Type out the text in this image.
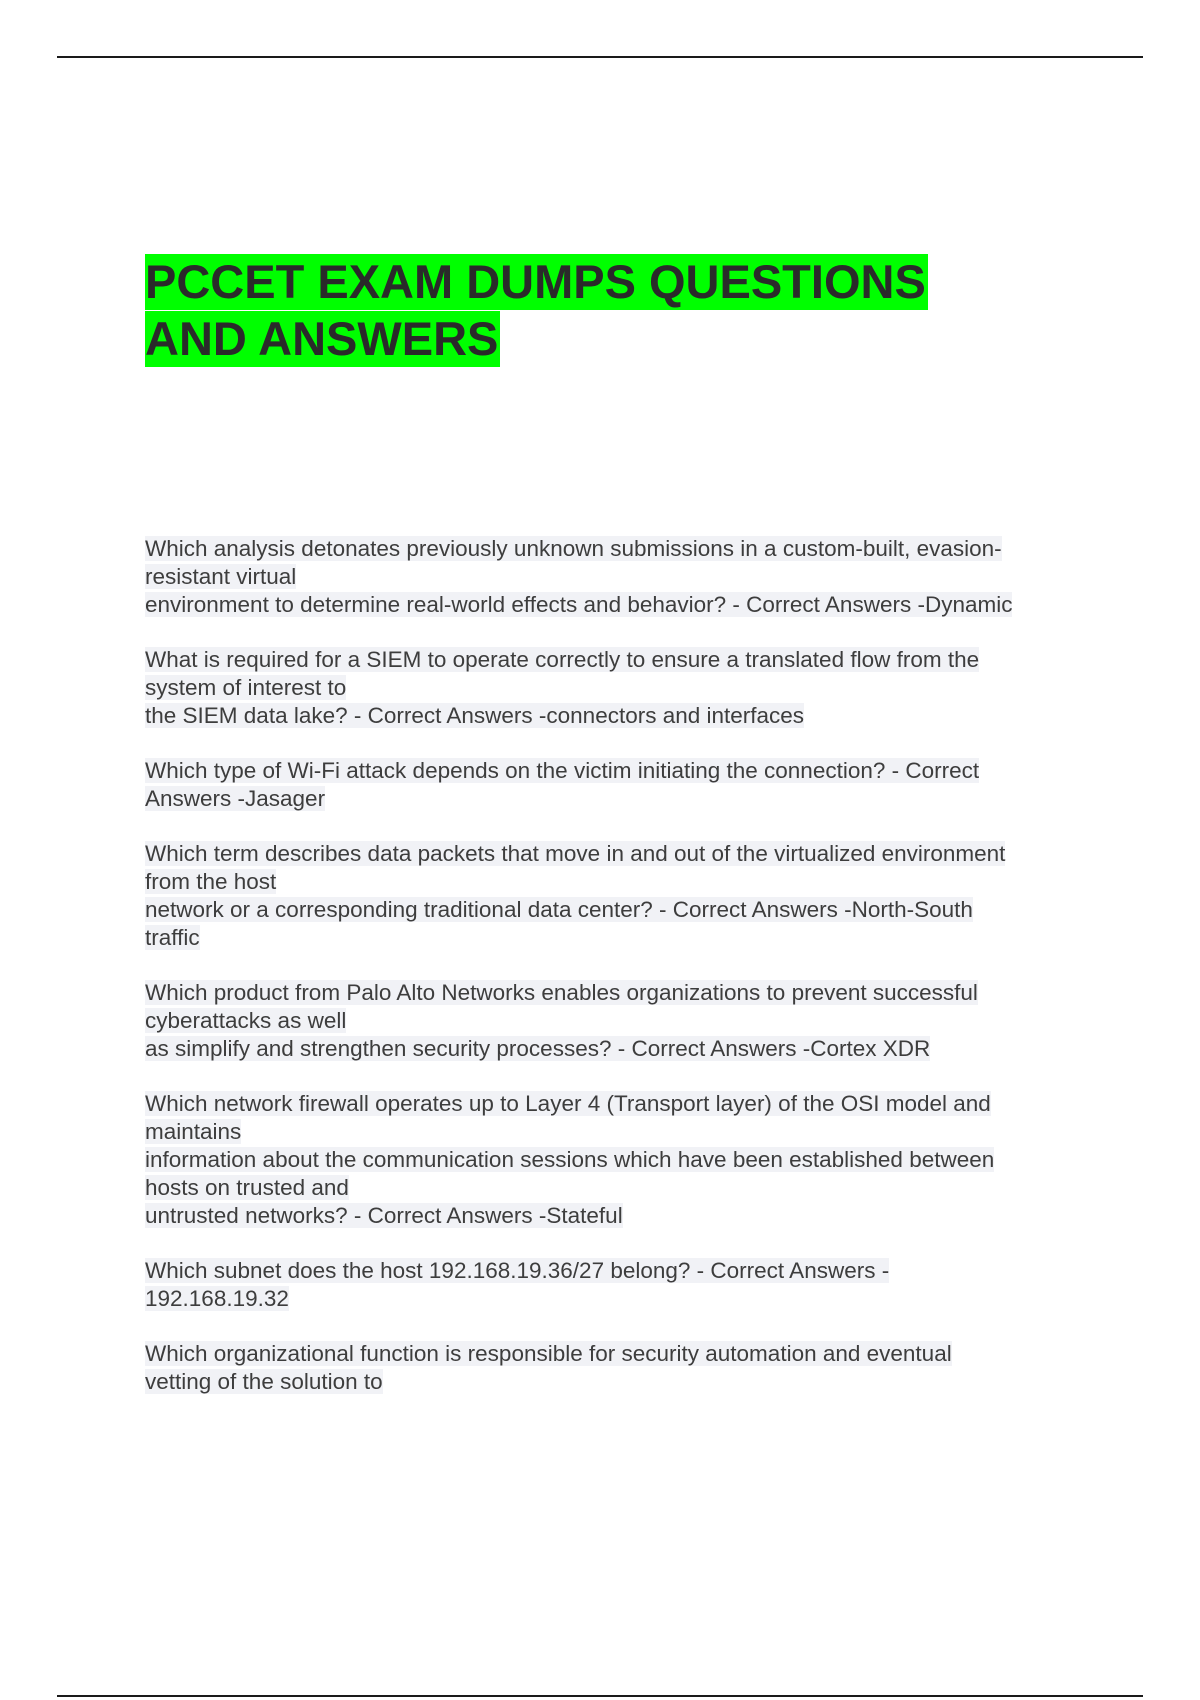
PCCET EXAM DUMPS QUESTIONS
AND ANSWERS

Which analysis detonates previously unknown submissions in a custom-built, evasion-
resistant virtual
environment to determine real-world effects and behavior? - Correct Answers -Dynamic

What is required for a SIEM to operate correctly to ensure a translated flow from the
system of interest to
the SIEM data lake? - Correct Answers -connectors and interfaces

Which type of Wi-Fi attack depends on the victim initiating the connection? - Correct
Answers -Jasager

Which term describes data packets that move in and out of the virtualized environment
from the host
network or a corresponding traditional data center? - Correct Answers -North-South
traffic

Which product from Palo Alto Networks enables organizations to prevent successful
cyberattacks as well
as simplify and strengthen security processes? - Correct Answers -Cortex XDR

Which network firewall operates up to Layer 4 (Transport layer) of the OSI model and
maintains
information about the communication sessions which have been established between
hosts on trusted and
untrusted networks? - Correct Answers -Stateful

Which subnet does the host 192.168.19.36/27 belong? - Correct Answers -
192.168.19.32

Which organizational function is responsible for security automation and eventual
vetting of the solution to
